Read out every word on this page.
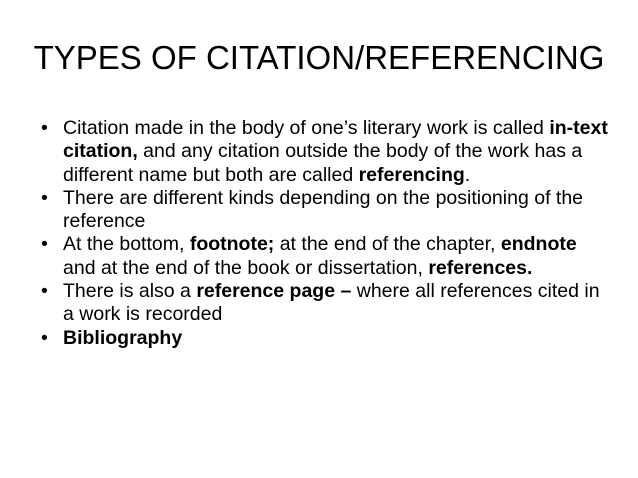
TYPES OF CITATION/REFERENCING
• Citation made in the body of one’s literary work is called in-text citation, and any citation outside the body of the work has a different name but both are called referencing.
• There are different kinds depending on the positioning of the reference
• At the bottom, footnote; at the end of the chapter, endnote and at the end of the book or dissertation, references.
• There is also a reference page – where all references cited in a work is recorded
• Bibliography
